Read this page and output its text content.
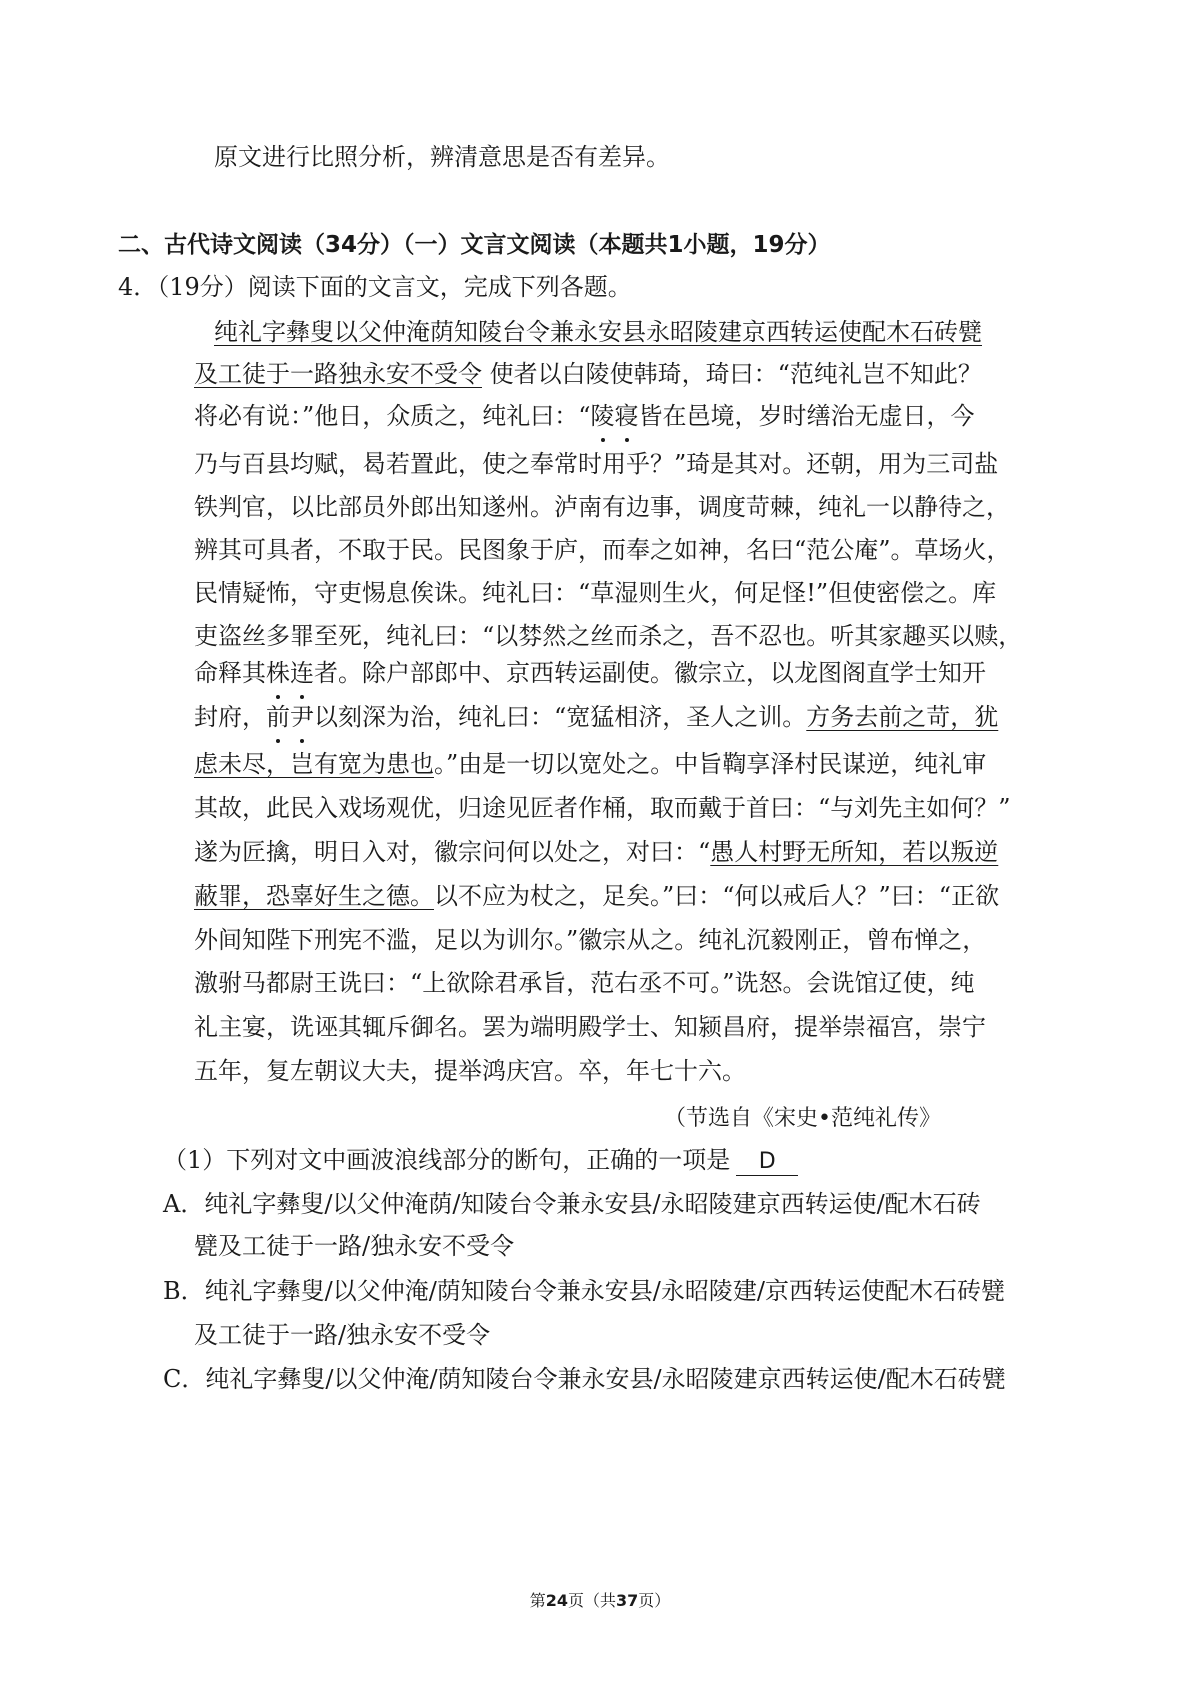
原文进行比照分析，辨清意思是否有差异。
二、古代诗文阅读（34分）（一）文言文阅读（本题共1小题，19分）
4．（19分）阅读下面的文言文，完成下列各题。
纯礼字彝叟以父仲淹荫知陵台令兼永安县永昭陵建京西转运使配木石砖甓
及工徒于一路独永安不受令 使者以白陵使韩琦，琦曰：“范纯礼岂不知此？
将必有说：”他日，众质之，纯礼曰：“陵寝皆在邑境，岁时缮治无虚日，今
乃与百县均赋，曷若置此，使之奉常时用乎？”琦是其对。还朝，用为三司盐
铁判官，以比部员外郎出知遂州。泸南有边事，调度苛棘，纯礼一以静待之，
辨其可具者，不取于民。民图象于庐，而奉之如神，名曰“范公庵”。草场火，
民情疑怖，守吏惕息俟诛。纯礼曰：“草湿则生火，何足怪!”但使密偿之。库
吏盗丝多罪至死，纯礼曰：“以棼然之丝而杀之，吾不忍也。听其家趣买以赎，
命释其株连者。除户部郎中、京西转运副使。徽宗立，以龙图阁直学士知开
封府，前尹以刻深为治，纯礼曰：“宽猛相济，圣人之训。方务去前之苛，犹
虑未尽，岂有宽为患也。”由是一切以宽处之。中旨鞫享泽村民谋逆，纯礼审
其故，此民入戏场观优，归途见匠者作桶，取而戴于首曰：“与刘先主如何？”
遂为匠擒，明日入对，徽宗问何以处之，对曰：“愚人村野无所知，若以叛逆
蔽罪，恐辜好生之德。以不应为杖之，足矣。”曰：“何以戒后人？”曰：“正欲
外间知陛下刑宪不滥，足以为训尔。”徽宗从之。纯礼沉毅刚正，曾布惮之，
激驸马都尉王诜曰：“上欲除君承旨，范右丞不可。”诜怒。会诜馆辽使，纯
礼主宴，诜诬其辄斥御名。罢为端明殿学士、知颍昌府，提举崇福宫，崇宁
五年，复左朝议大夫，提举鸿庆宫。卒，年七十六。
（节选自《宋史•范纯礼传》
（1）下列对文中画波浪线部分的断句，正确的一项是 D
A．纯礼字彝叟/以父仲淹荫/知陵台令兼永安县/永昭陵建京西转运使/配木石砖
甓及工徒于一路/独永安不受令
B．纯礼字彝叟/以父仲淹/荫知陵台令兼永安县/永昭陵建/京西转运使配木石砖甓
及工徒于一路/独永安不受令
C．纯礼字彝叟/以父仲淹/荫知陵台令兼永安县/永昭陵建京西转运使/配木石砖甓
第24页（共37页）
